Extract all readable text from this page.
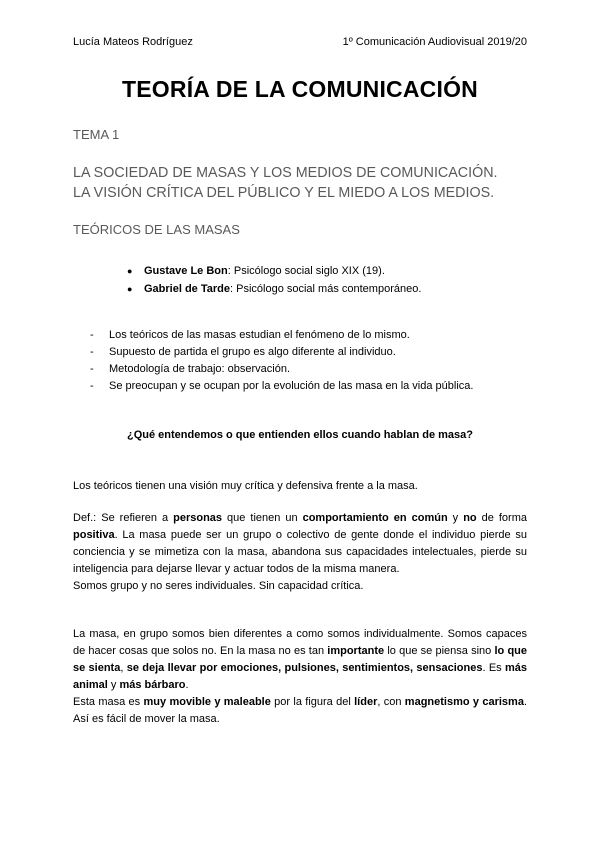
Lucía Mateos Rodríguez	1º Comunicación Audiovisual 2019/20
TEORÍA DE LA COMUNICACIÓN
TEMA 1
LA SOCIEDAD DE MASAS Y LOS MEDIOS DE COMUNICACIÓN.
LA VISIÓN CRÍTICA DEL PÚBLICO Y EL MIEDO A LOS MEDIOS.
TEÓRICOS DE LAS MASAS
● Gustave Le Bon: Psicólogo social siglo XIX (19).
● Gabriel de Tarde: Psicólogo social más contemporáneo.
- Los teóricos de las masas estudian el fenómeno de lo mismo.
- Supuesto de partida el grupo es algo diferente al individuo.
- Metodología de trabajo: observación.
- Se preocupan y se ocupan por la evolución de las masa en la vida pública.
¿Qué entendemos o que entienden ellos cuando hablan de masa?

Los teóricos tienen una visión muy crítica y defensiva frente a la masa.

Def.: Se refieren a personas que tienen un comportamiento en común y no de forma positiva. La masa puede ser un grupo o colectivo de gente donde el individuo pierde su conciencia y se mimetiza con la masa, abandona sus capacidades intelectuales, pierde su inteligencia para dejarse llevar y actuar todos de la misma manera.
Somos grupo y no seres individuales. Sin capacidad crítica.
La masa, en grupo somos bien diferentes a como somos individualmente. Somos capaces de hacer cosas que solos no. En la masa no es tan importante lo que se piensa sino lo que se sienta, se deja llevar por emociones, pulsiones, sentimientos, sensaciones. Es más animal y más bárbaro.
Esta masa es muy movible y maleable por la figura del líder, con magnetismo y carisma. Así es fácil de mover la masa.
